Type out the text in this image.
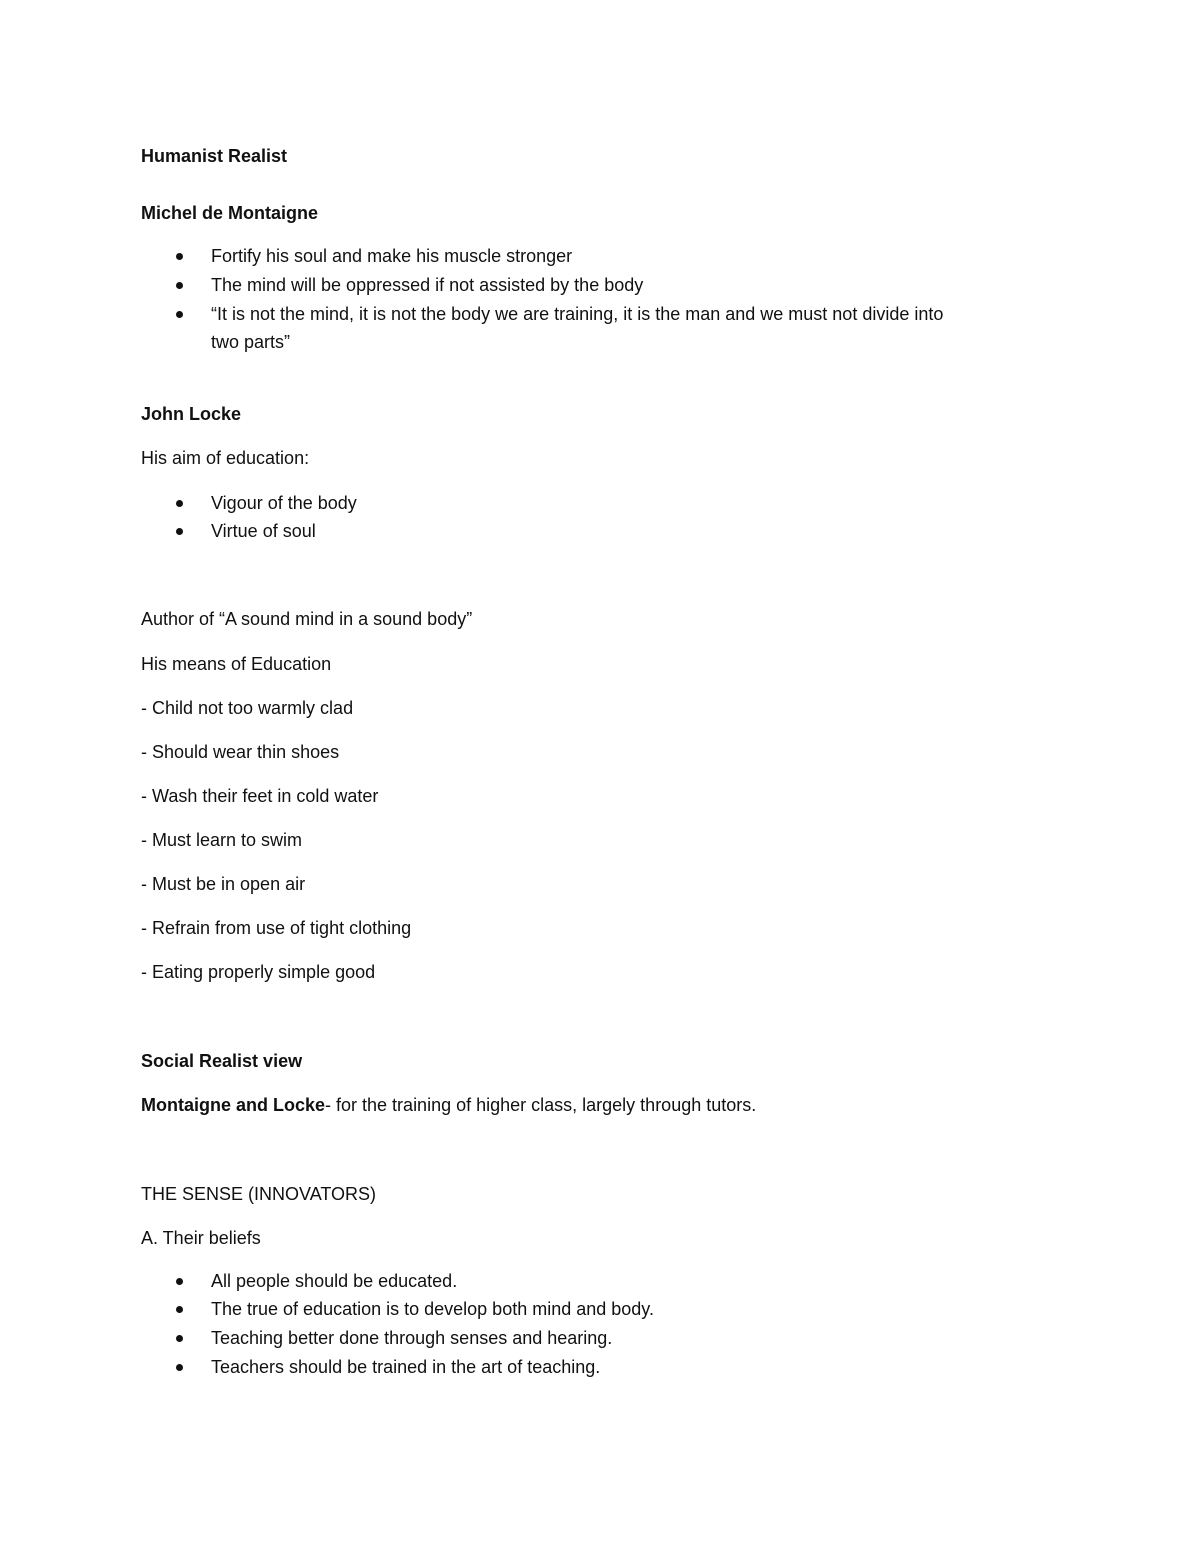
Humanist Realist
Michel de Montaigne
Fortify his soul and make his muscle stronger
The mind will be oppressed if not assisted by the body
“It is not the mind, it is not the body we are training, it is the man and we must not divide into
two parts”
John Locke
His aim of education:
Vigour of the body
Virtue of soul
Author of “A sound mind in a sound body”
His means of Education
- Child not too warmly clad
- Should wear thin shoes
- Wash their feet in cold water
- Must learn to swim
- Must be in open air
- Refrain from use of tight clothing
- Eating properly simple good
Social Realist view
Montaigne and Locke- for the training of higher class, largely through tutors.
THE SENSE (INNOVATORS)
A. Their beliefs
All people should be educated.
The true of education is to develop both mind and body.
Teaching better done through senses and hearing.
Teachers should be trained in the art of teaching.
